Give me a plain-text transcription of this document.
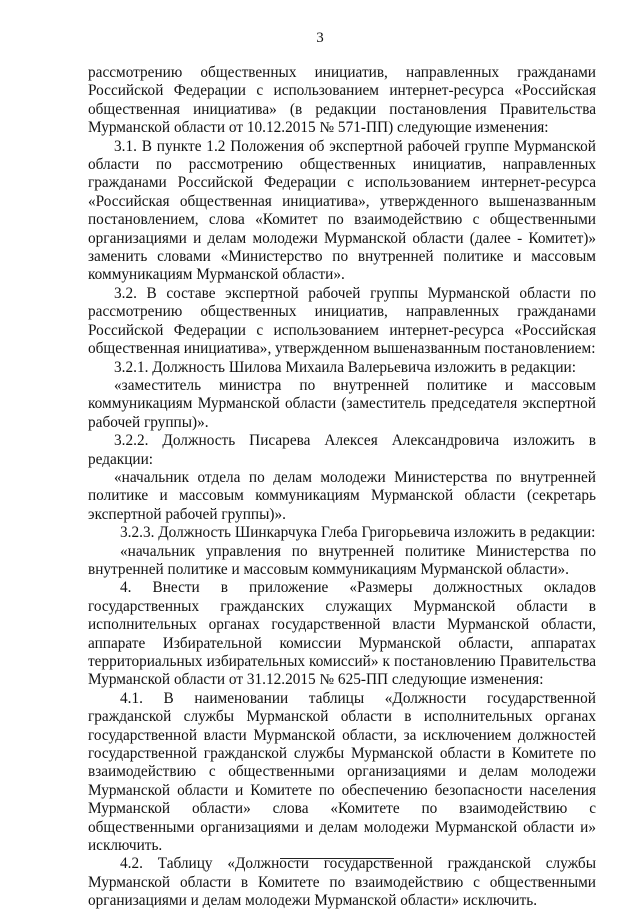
3

рассмотрению общественных инициатив, направленных гражданами Российской Федерации с использованием интернет-ресурса «Российская общественная инициатива» (в редакции постановления Правительства Мурманской области от 10.12.2015 № 571-ПП) следующие изменения:

3.1. В пункте 1.2 Положения об экспертной рабочей группе Мурманской области по рассмотрению общественных инициатив, направленных гражданами Российской Федерации с использованием интернет-ресурса «Российская общественная инициатива», утвержденного вышеназванным постановлением, слова «Комитет по взаимодействию с общественными организациями и делам молодежи Мурманской области (далее - Комитет)» заменить словами «Министерство по внутренней политике и массовым коммуникациям Мурманской области».

3.2. В составе экспертной рабочей группы Мурманской области по рассмотрению общественных инициатив, направленных гражданами Российской Федерации с использованием интернет-ресурса «Российская общественная инициатива», утвержденном вышеназванным постановлением:

3.2.1. Должность Шилова Михаила Валерьевича изложить в редакции:

«заместитель министра по внутренней политике и массовым коммуникациям Мурманской области (заместитель председателя экспертной рабочей группы)».

3.2.2. Должность Писарева Алексея Александровича изложить в редакции:

«начальник отдела по делам молодежи Министерства по внутренней политике и массовым коммуникациям Мурманской области (секретарь экспертной рабочей группы)».

3.2.3. Должность Шинкарчука Глеба Григорьевича изложить в редакции:

«начальник управления по внутренней политике Министерства по внутренней политике и массовым коммуникациям Мурманской области».

4. Внести в приложение «Размеры должностных окладов государственных гражданских служащих Мурманской области в исполнительных органах государственной власти Мурманской области, аппарате Избирательной комиссии Мурманской области, аппаратах территориальных избирательных комиссий» к постановлению Правительства Мурманской области от 31.12.2015 № 625-ПП следующие изменения:

4.1. В наименовании таблицы «Должности государственной гражданской службы Мурманской области в исполнительных органах государственной власти Мурманской области, за исключением должностей государственной гражданской службы Мурманской области в Комитете по взаимодействию с общественными организациями и делам молодежи Мурманской области и Комитете по обеспечению безопасности населения Мурманской области» слова «Комитете по взаимодействию с общественными организациями и делам молодежи Мурманской области и» исключить.

4.2. Таблицу «Должности государственной гражданской службы Мурманской области в Комитете по взаимодействию с общественными организациями и делам молодежи Мурманской области» исключить.
